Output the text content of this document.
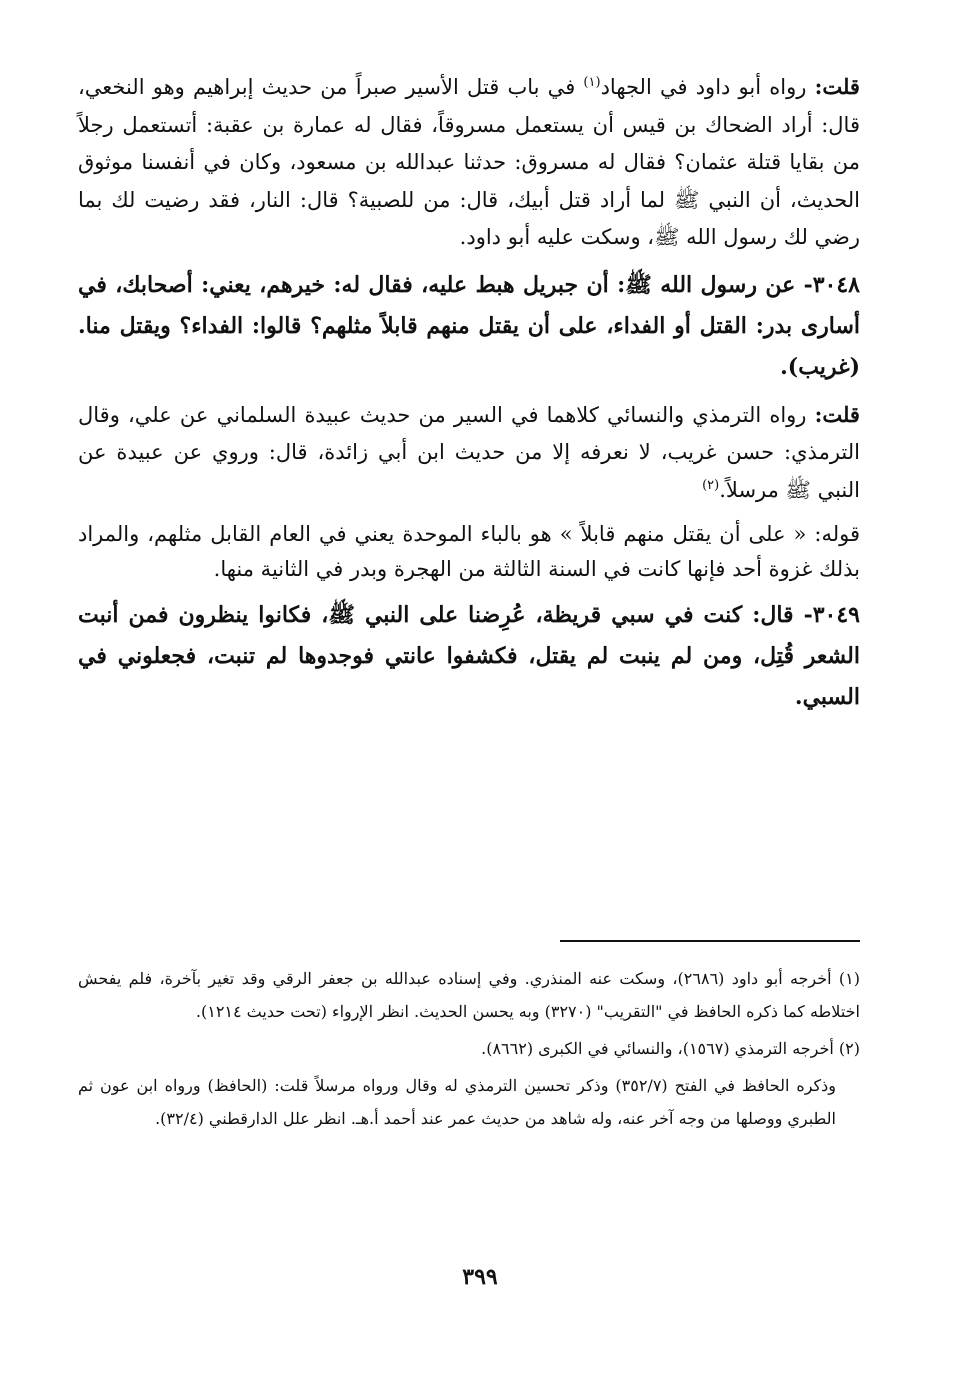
قلت: رواه أبو داود في الجهاد$^{(١)}$ في باب قتل الأسير صبراً من حديث إبراهيم وهو النخعي، قال: أراد الضحاك بن قيس أن يستعمل مسروقاً، فقال له عمارة بن عقبة: أتستعمل رجلاً من بقايا قتلة عثمان؟ فقال له مسروق: حدثنا عبدالله بن مسعود، وكان في أنفسنا موثوق الحديث، أن النبي ﷺ لما أراد قتل أبيك، قال: من للصبية؟ قال: النار، فقد رضيت لك بما رضي لك رسول الله ﷺ، وسكت عليه أبو داود.

٣٠٤٨- عن رسول الله ﷺ: أن جبريل هبط عليه، فقال له: خيرهم، يعني: أصحابك، في أسارى بدر: القتل أو الفداء، على أن يقتل منهم قابلاً مثلهم؟ قالوا: الفداء؟ ويقتل منا.(غريب).

قلت: رواه الترمذي والنسائي كلاهما في السير من حديث عبيدة السلماني عن علي، وقال الترمذي: حسن غريب، لا نعرفه إلا من حديث ابن أبي زائدة، قال: وروي عن عبيدة عن النبي ﷺ مرسلاً.$^{(٢)}$

قوله: « على أن يقتل منهم قابلاً » هو بالباء الموحدة يعني في العام القابل مثلهم، والمراد بذلك غزوة أحد فإنها كانت في السنة الثالثة من الهجرة وبدر في الثانية منها.

٣٠٤٩- قال: كنت في سبي قريظة، عُرِضنا على النبي ﷺ، فكانوا ينظرون فمن أنبت الشعر قُتِل، ومن لم ينبت لم يقتل، فكشفوا عانتي فوجدوها لم تنبت، فجعلوني في السبي.

(١) أخرجه أبو داود (٢٦٨٦)، وسكت عنه المنذري. وفي إسناده عبدالله بن جعفر الرقي وقد تغير بآخرة، فلم يفحش اختلاطه كما ذكره الحافظ في "التقريب" (٣٢٧٠) وبه يحسن الحديث. انظر الإرواء (تحت حديث ١٢١٤).

(٢) أخرجه الترمذي (١٥٦٧)، والنسائي في الكبرى (٨٦٦٢).

وذكره الحافظ في الفتح (٣٥٢/٧) وذكر تحسين الترمذي له وقال ورواه مرسلاً قلت: (الحافظ) ورواه ابن عون ثم الطبري ووصلها من وجه آخر عنه، وله شاهد من حديث عمر عند أحمد أ.هـ. انظر علل الدارقطني (٣٢/٤).

٣٩٩
